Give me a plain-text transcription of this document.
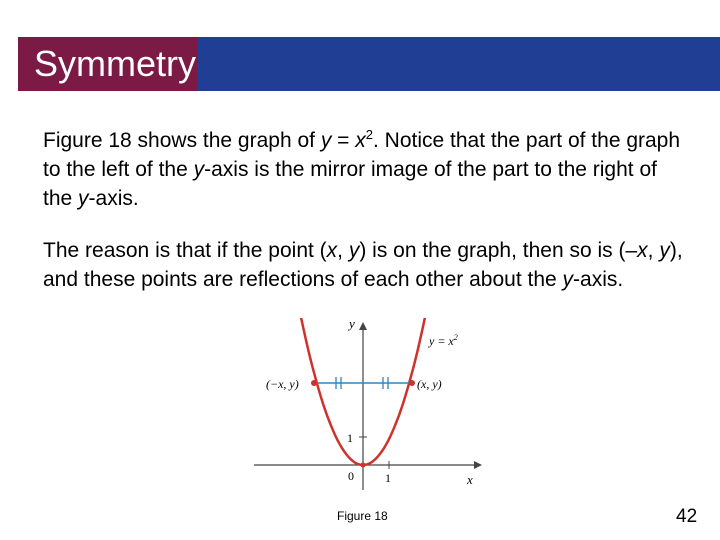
Symmetry

Figure 18 shows the graph of $y = x^2$. Notice that the part of the graph to the left of the y-axis is the mirror image of the part to the right of the y-axis.

The reason is that if the point (x, y) is on the graph, then so is (–x, y), and these points are reflections of each other about the y-axis.

y
x
$y = x^2$
(−x, y)	(x, y)
1
1
0
Figure 18	42
